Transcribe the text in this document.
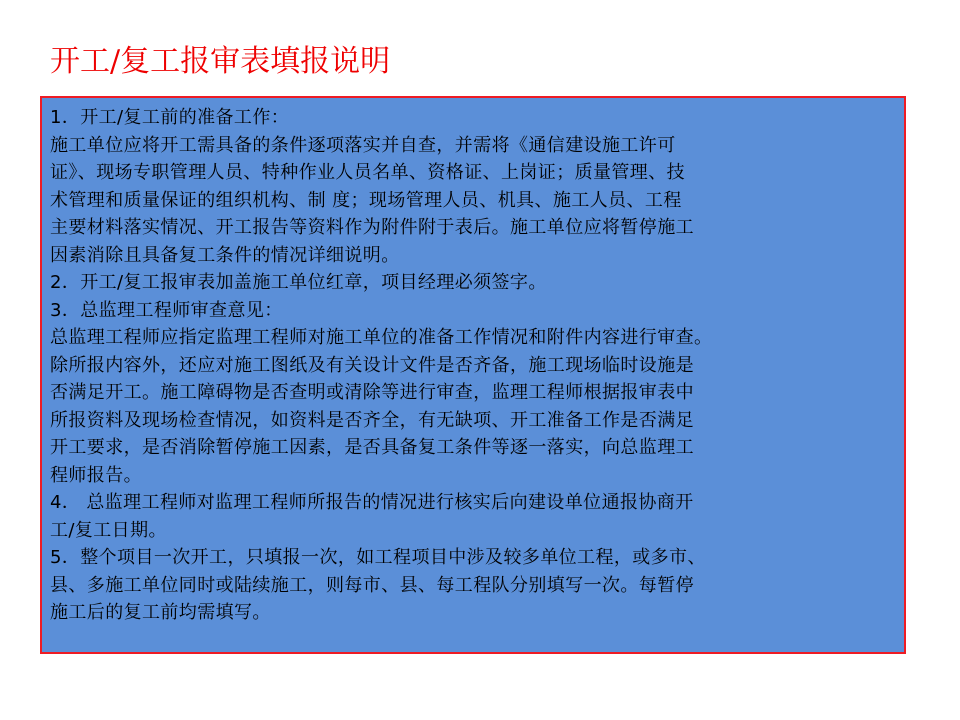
开工/复工报审表填报说明
1．开工/复工前的准备工作：
施工单位应将开工需具备的条件逐项落实并自查，并需将《通信建设施工许可
证》、现场专职管理人员、特种作业人员名单、资格证、上岗证；质量管理、技
术管理和质量保证的组织机构、制 度；现场管理人员、机具、施工人员、工程
主要材料落实情况、开工报告等资料作为附件附于表后。施工单位应将暂停施工
因素消除且具备复工条件的情况详细说明。
2．开工/复工报审表加盖施工单位红章，项目经理必须签字。
3．总监理工程师审查意见：
总监理工程师应指定监理工程师对施工单位的准备工作情况和附件内容进行审查。
除所报内容外，还应对施工图纸及有关设计文件是否齐备，施工现场临时设施是
否满足开工。施工障碍物是否查明或清除等进行审查，监理工程师根据报审表中
所报资料及现场检查情况，如资料是否齐全，有无缺项、开工准备工作是否满足
开工要求，是否消除暂停施工因素，是否具备复工条件等逐一落实，向总监理工
程师报告。
4． 总监理工程师对监理工程师所报告的情况进行核实后向建设单位通报协商开
工/复工日期。
5．整个项目一次开工，只填报一次，如工程项目中涉及较多单位工程，或多市、
县、多施工单位同时或陆续施工，则每市、县、每工程队分别填写一次。每暂停
施工后的复工前均需填写。
